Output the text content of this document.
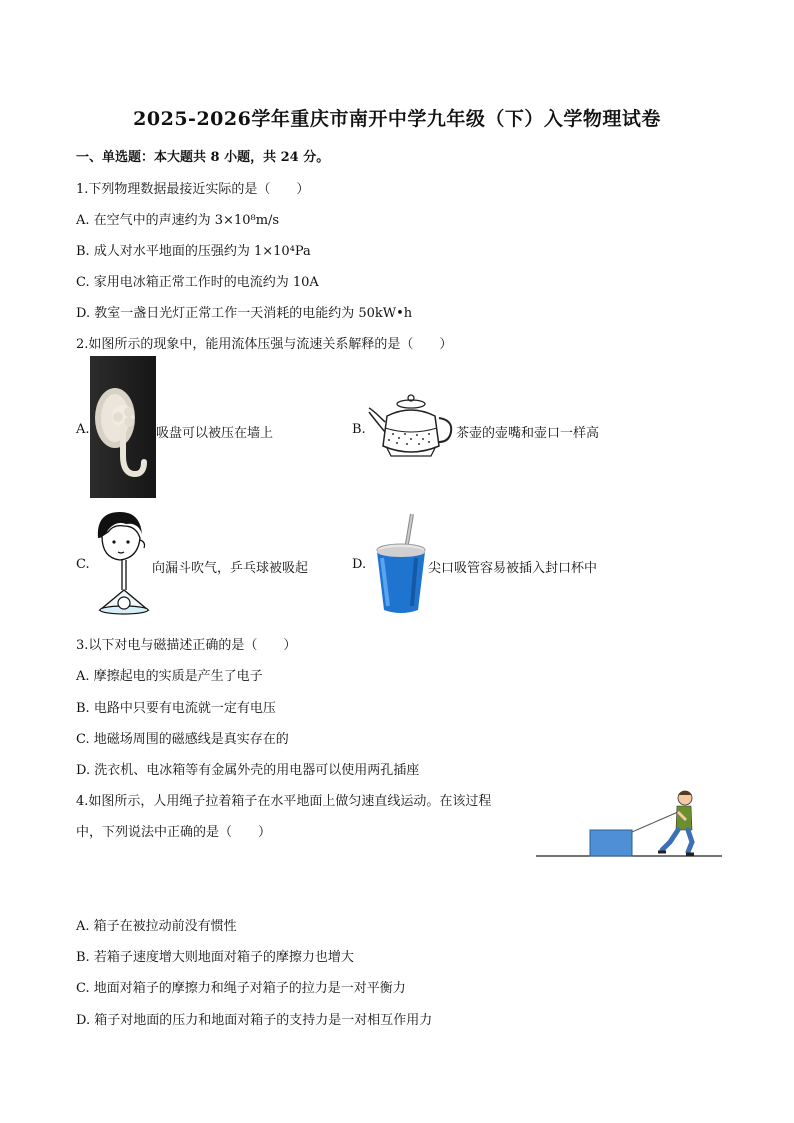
2025-2026学年重庆市南开中学九年级（下）入学物理试卷
一、单选题：本大题共 8 小题，共 24 分。
1.下列物理数据最接近实际的是（　　）
A. 在空气中的声速约为 3×10⁸m/s
B. 成人对水平地面的压强约为 1×10⁴Pa
C. 家用电冰箱正常工作时的电流约为 10A
D. 教室一盏日光灯正常工作一天消耗的电能约为 50kW•h
2.如图所示的现象中，能用流体压强与流速关系解释的是（　　）
A.	吸盘可以被压在墙上	B.	茶壶的壶嘴和壶口一样高
C.	向漏斗吹气，乒乓球被吸起	D.	尖口吸管容易被插入封口杯中
3.以下对电与磁描述正确的是（　　）
A. 摩擦起电的实质是产生了电子
B. 电路中只要有电流就一定有电压
C. 地磁场周围的磁感线是真实存在的
D. 洗衣机、电冰箱等有金属外壳的用电器可以使用两孔插座
4.如图所示，人用绳子拉着箱子在水平地面上做匀速直线运动。在该过程
中，下列说法中正确的是（　　）
A. 箱子在被拉动前没有惯性
B. 若箱子速度增大则地面对箱子的摩擦力也增大
C. 地面对箱子的摩擦力和绳子对箱子的拉力是一对平衡力
D. 箱子对地面的压力和地面对箱子的支持力是一对相互作用力
